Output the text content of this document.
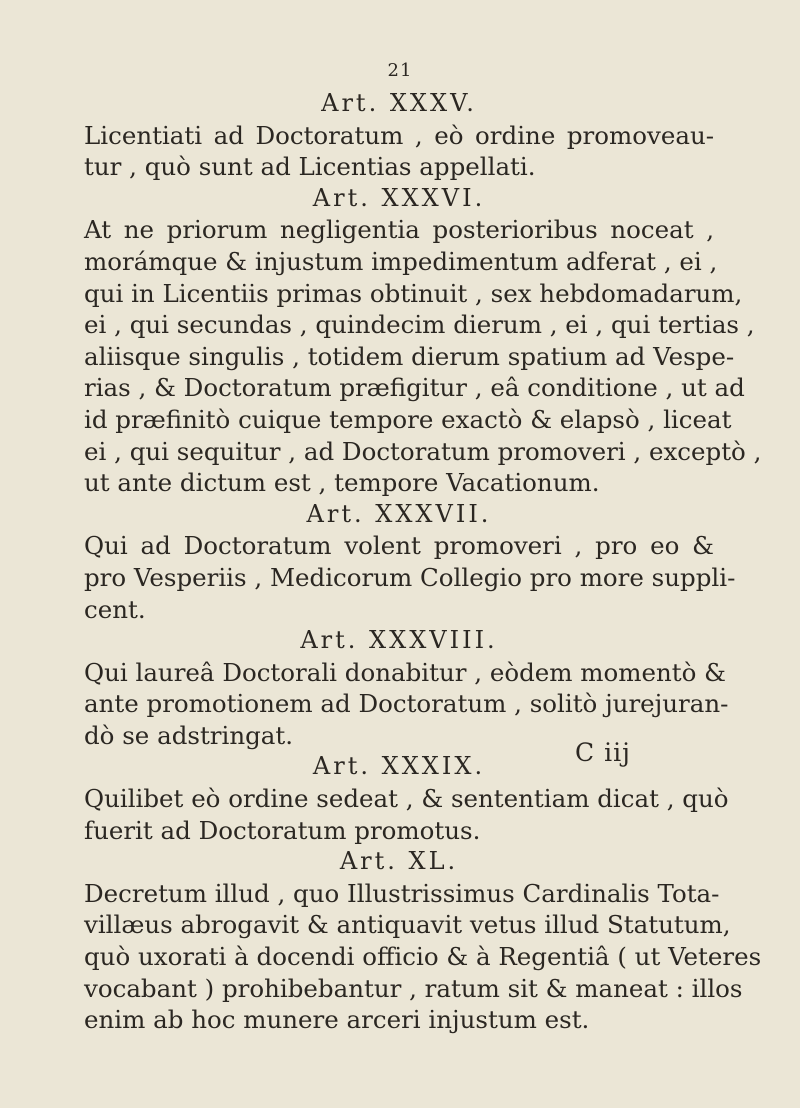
21
Art. XXXV.
Licentiati ad Doctoratum , eò ordine promoveau-
tur , quò sunt ad Licentias appellati.
Art. XXXVI.
At ne priorum negligentia posterioribus noceat ,
morámque & injustum impedimentum adferat , ei ,
qui in Licentiis primas obtinuit , sex hebdomadarum,
ei , qui secundas , quindecim dierum , ei , qui tertias ,
aliisque singulis , totidem dierum spatium ad Vespe-
rias , & Doctoratum præfigitur , eâ conditione , ut ad
id præfinitò cuique tempore exactò & elapsò , liceat
ei , qui sequitur , ad Doctoratum promoveri , exceptò ,
ut ante dictum est , tempore Vacationum.
Art. XXXVII.
Qui ad Doctoratum volent promoveri , pro eo &
pro Vesperiis , Medicorum Collegio pro more suppli-
cent.
Art. XXXVIII.
Qui laureâ Doctorali donabitur , eòdem momentò &
ante promotionem ad Doctoratum , solitò jurejuran-
dò se adstringat.
Art. XXXIX.
Quilibet eò ordine sedeat , & sententiam dicat , quò
fuerit ad Doctoratum promotus.
Art. XL.
Decretum illud , quo Illustrissimus Cardinalis Tota-
villæus abrogavit & antiquavit vetus illud Statutum,
quò uxorati à docendi officio & à Regentiâ ( ut Veteres
vocabant ) prohibebantur , ratum sit & maneat : illos
enim ab hoc munere arceri injustum est.
C iij
